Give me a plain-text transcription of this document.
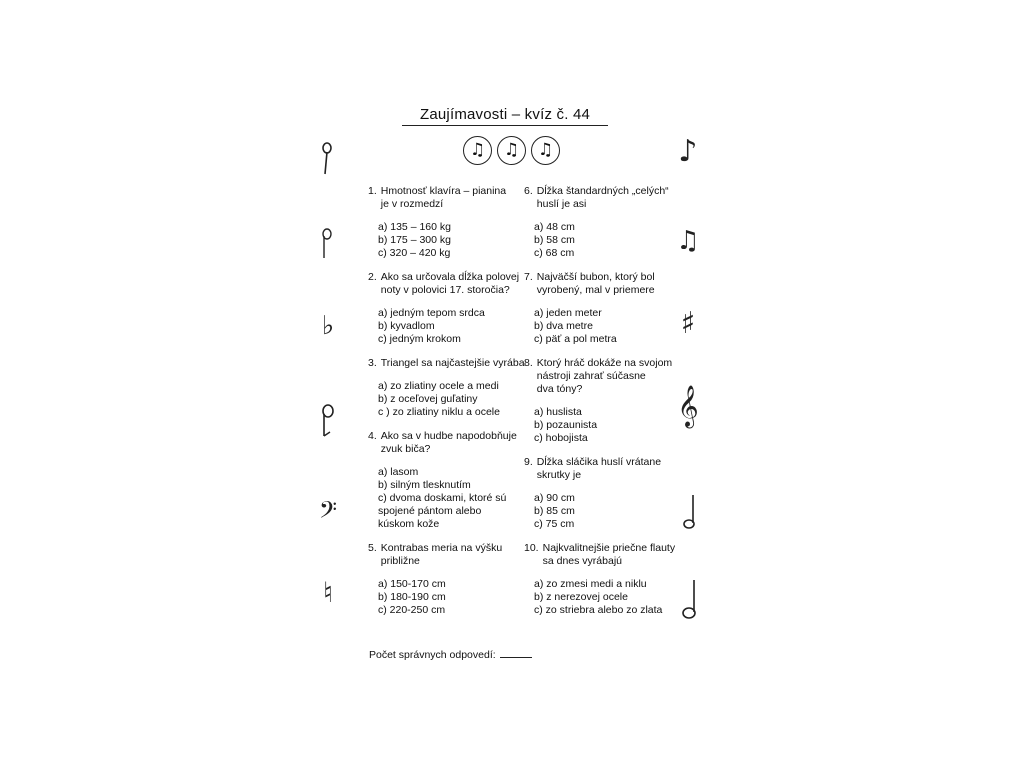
Zaujímavosti – kvíz č. 44
♫	♫	♫
♭
𝄢
♮
♪
♫
♯
𝄞
1. Hmotnosť klavíra – pianina
je v rozmedzí
a) 135 – 160 kg
b) 175 – 300 kg
c) 320 – 420 kg
2. Ako sa určovala dĺžka polovej
noty v polovici 17. storočia?
a) jedným tepom srdca
b) kyvadlom
c) jedným krokom
3. Triangel sa najčastejšie vyrába
a) zo zliatiny ocele a medi
b) z oceľovej guľatiny
c ) zo zliatiny niklu a ocele
4. Ako sa v hudbe napodobňuje
zvuk biča?
a) lasom
b) silným tlesknutím
c) dvoma doskami, ktoré sú
spojené pántom alebo
kúskom kože
5. Kontrabas meria na výšku
približne
a) 150-170 cm
b) 180-190 cm
c) 220-250 cm
6. Dĺžka štandardných „celých“
huslí je asi
a) 48 cm
b) 58 cm
c) 68 cm
7. Najväčší bubon, ktorý bol
vyrobený, mal v priemere
a) jeden meter
b) dva metre
c) päť a pol metra
8. Ktorý hráč dokáže na svojom
nástroji zahrať súčasne
dva tóny?
a) huslista
b) pozaunista
c) hobojista
9. Dĺžka sláčika huslí vrátane
skrutky je
a) 90 cm
b) 85 cm
c) 75 cm
10. Najkvalitnejšie priečne flauty
sa dnes vyrábajú
a) zo zmesi medi a niklu
b) z nerezovej ocele
c) zo striebra alebo zo zlata
Počet správnych odpovedí:
